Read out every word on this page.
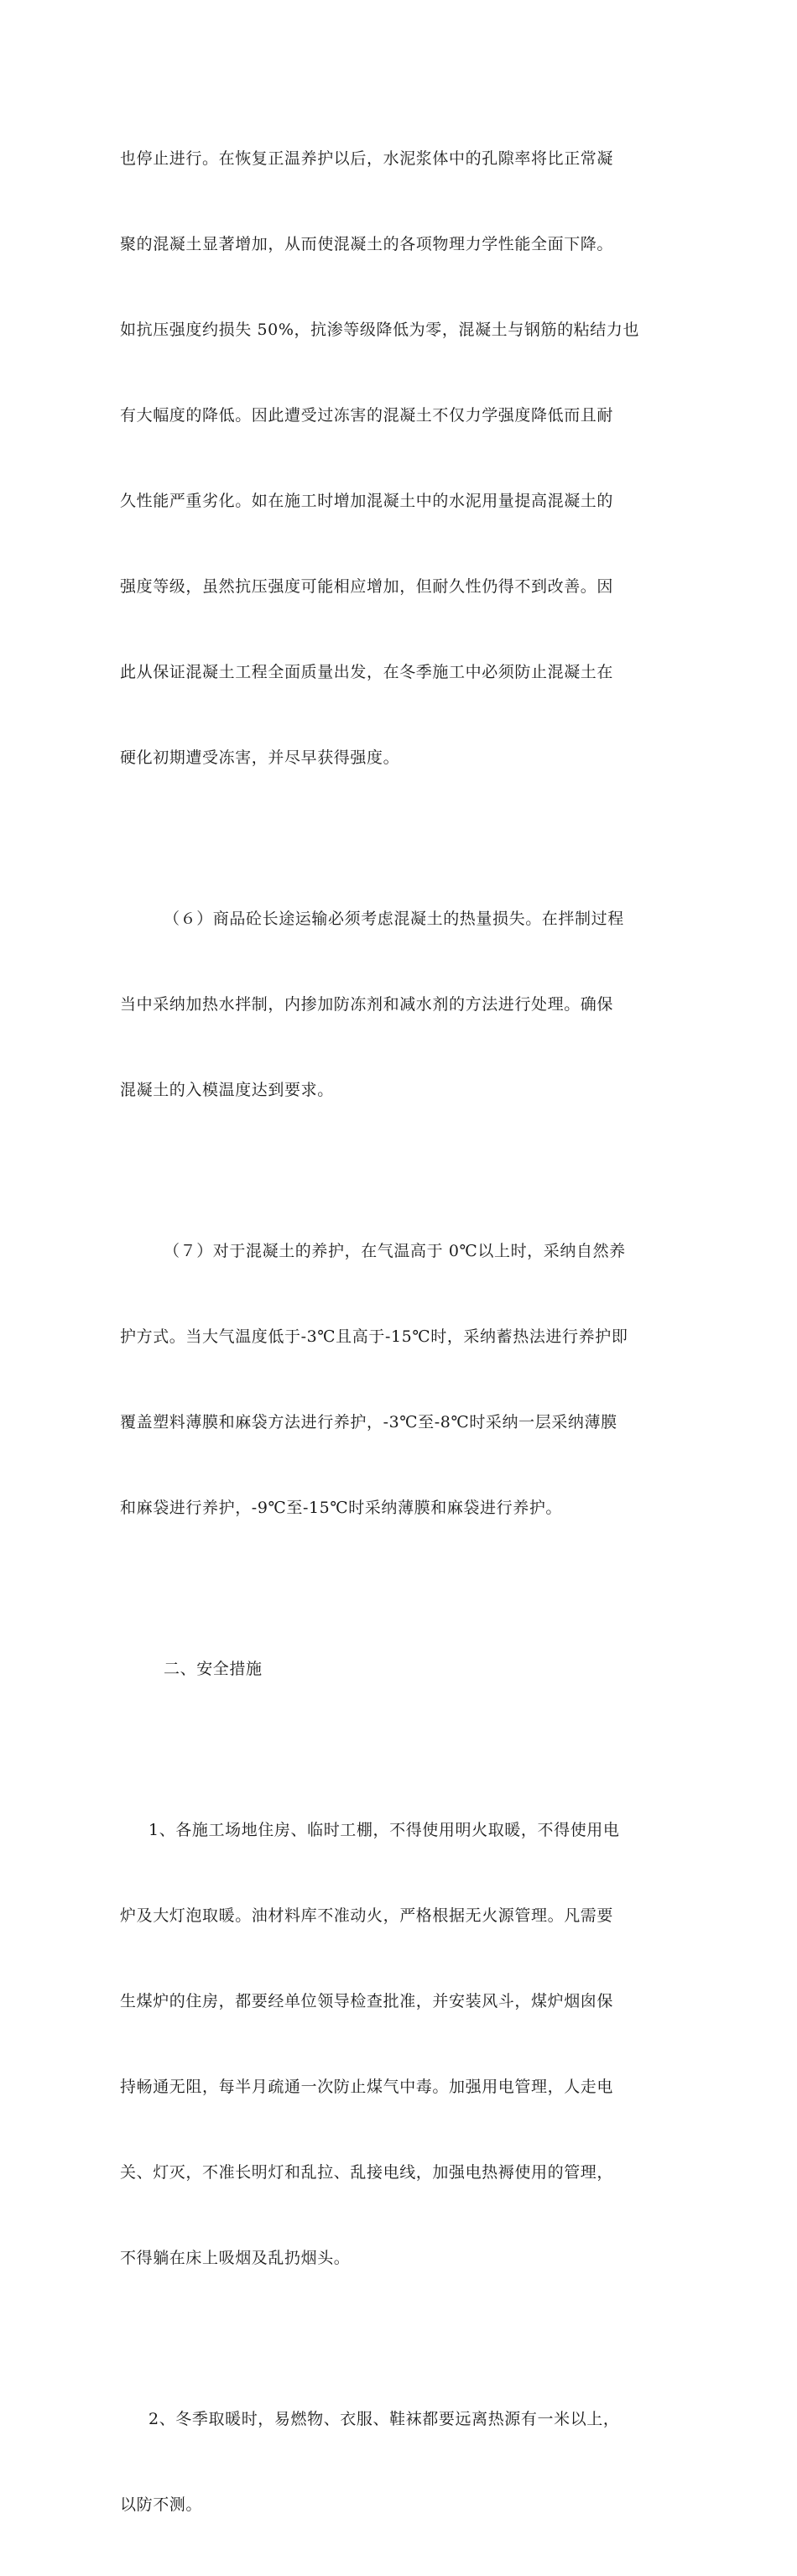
也停止进行。在恢复正温养护以后，水泥浆体中的孔隙率将比正常凝

聚的混凝土显著增加，从而使混凝土的各项物理力学性能全面下降。

如抗压强度约损失 50%，抗渗等级降低为零，混凝土与钢筋的粘结力也

有大幅度的降低。因此遭受过冻害的混凝土不仅力学强度降低而且耐

久性能严重劣化。如在施工时增加混凝土中的水泥用量提高混凝土的

强度等级，虽然抗压强度可能相应增加，但耐久性仍得不到改善。因

此从保证混凝土工程全面质量出发，在冬季施工中必须防止混凝土在

硬化初期遭受冻害，并尽早获得强度。

（６）商品砼长途运输必须考虑混凝土的热量损失。在拌制过程

当中采纳加热水拌制，内掺加防冻剂和减水剂的方法进行处理。确保

混凝土的入模温度达到要求。

（７）对于混凝土的养护，在气温高于 0℃以上时，采纳自然养

护方式。当大气温度低于-3℃且高于-15℃时，采纳蓄热法进行养护即

覆盖塑料薄膜和麻袋方法进行养护，-3℃至-8℃时采纳一层采纳薄膜

和麻袋进行养护，-9℃至-15℃时采纳薄膜和麻袋进行养护。

二、安全措施

1、各施工场地住房、临时工棚，不得使用明火取暖，不得使用电

炉及大灯泡取暖。油材料库不准动火，严格根据无火源管理。凡需要

生煤炉的住房，都要经单位领导检查批准，并安装风斗，煤炉烟囱保

持畅通无阻，每半月疏通一次防止煤气中毒。加强用电管理，人走电

关、灯灭，不准长明灯和乱拉、乱接电线，加强电热褥使用的管理，

不得躺在床上吸烟及乱扔烟头。

2、冬季取暖时，易燃物、衣服、鞋袜都要远离热源有一米以上，

以防不测。
